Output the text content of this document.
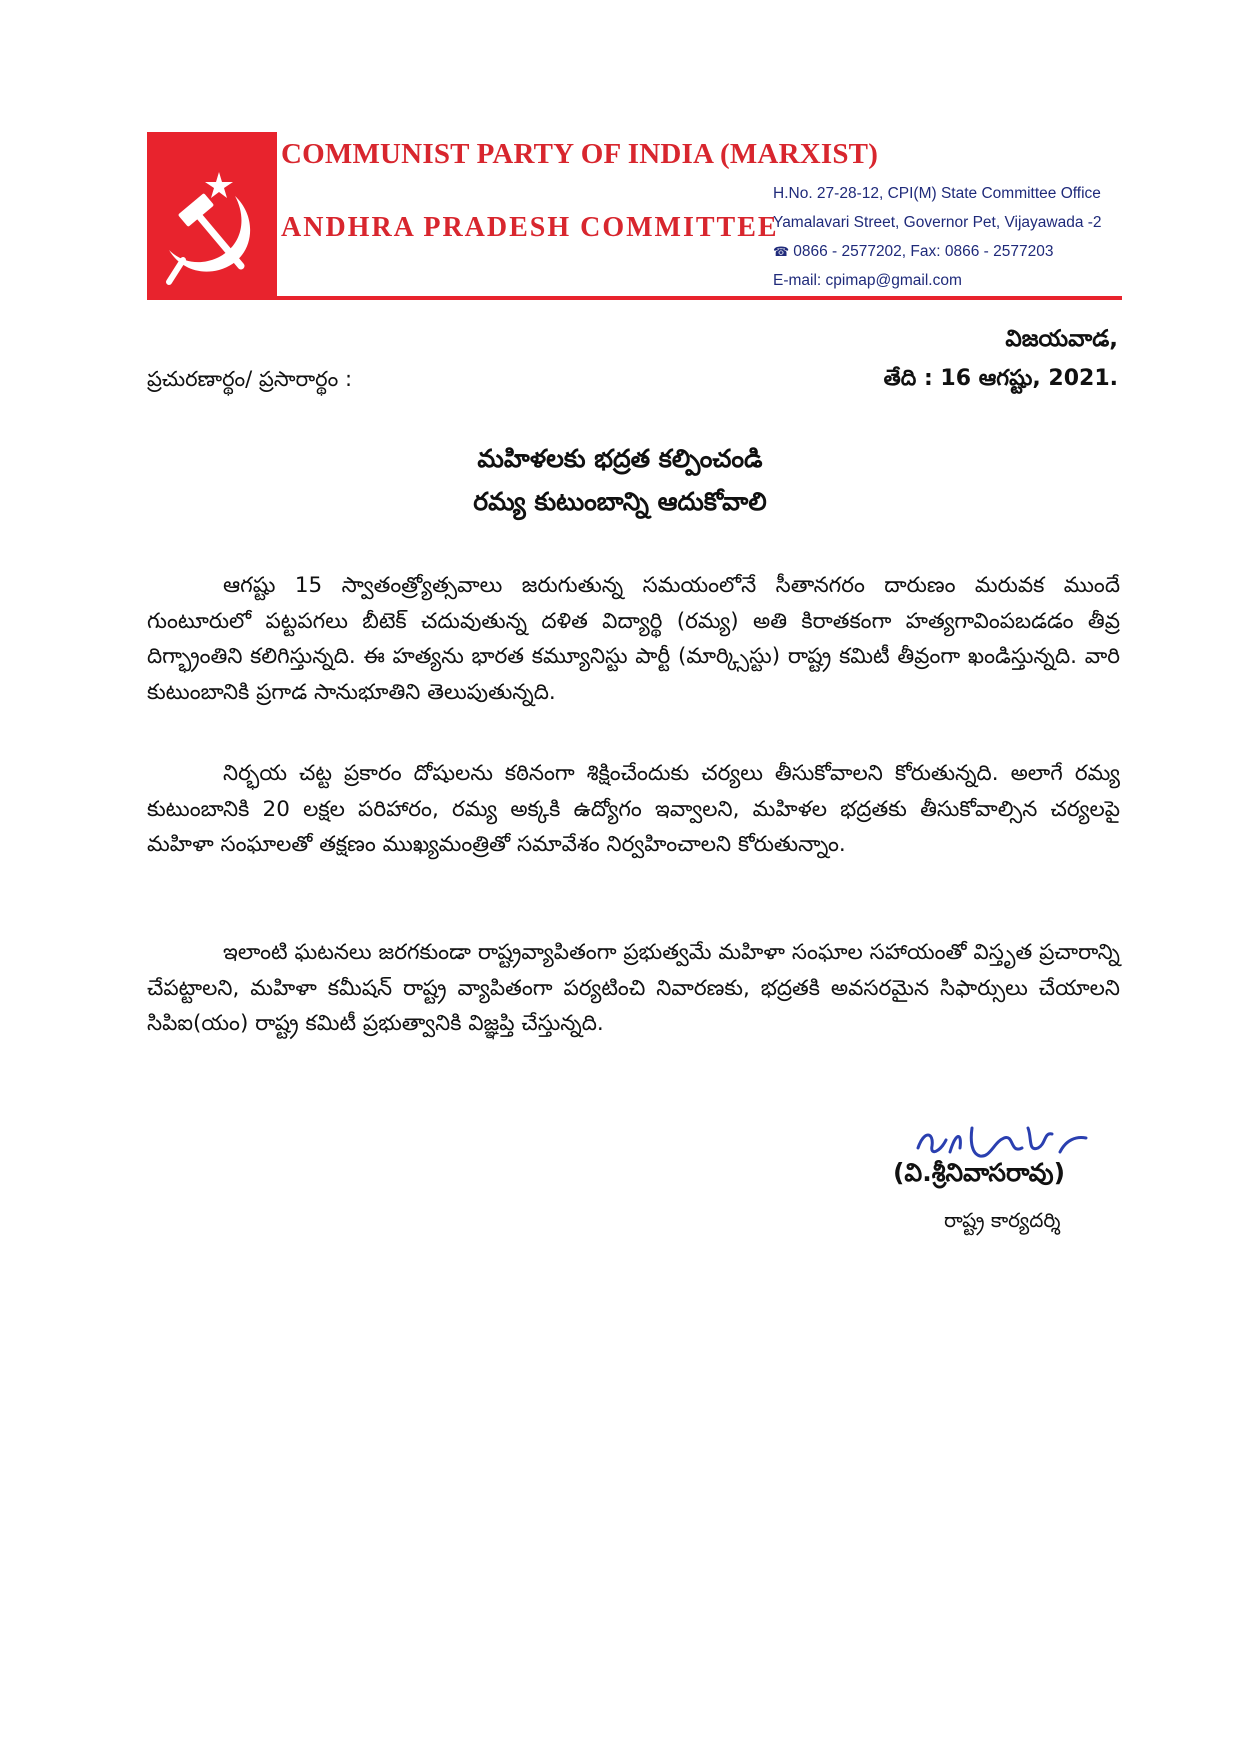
COMMUNIST PARTY OF INDIA (MARXIST)
ANDHRA PRADESH COMMITTEE
H.No. 27-28-12, CPI(M) State Committee Office
Yamalavari Street, Governor Pet, Vijayawada -2
☎ 0866 - 2577202, Fax: 0866 - 2577203
E-mail: cpimap@gmail.com
విజయవాడ,
ప్రచురణార్థం/ ప్రసారార్థం :	తేది : 16 ఆగష్టు, 2021.
మహిళలకు భద్రత కల్పించండి
రమ్య కుటుంబాన్ని ఆదుకోవాలి
ఆగష్టు 15 స్వాతంత్ర్యోత్సవాలు జరుగుతున్న సమయంలోనే సీతానగరం దారుణం మరువక ముందే గుంటూరులో పట్టపగలు బీటెక్ చదువుతున్న దళిత విద్యార్థి (రమ్య) అతి కిరాతకంగా హత్యగావింపబడడం తీవ్ర దిగ్భ్రాంతిని కలిగిస్తున్నది. ఈ హత్యను భారత కమ్యూనిస్టు పార్టీ (మార్క్సిస్టు) రాష్ట్ర కమిటీ తీవ్రంగా ఖండిస్తున్నది. వారి కుటుంబానికి ప్రగాడ సానుభూతిని తెలుపుతున్నది.
నిర్భయ చట్ట ప్రకారం దోషులను కఠినంగా శిక్షించేందుకు చర్యలు తీసుకోవాలని కోరుతున్నది. అలాగే రమ్య కుటుంబానికి 20 లక్షల పరిహారం, రమ్య అక్కకి ఉద్యోగం ఇవ్వాలని, మహిళల భద్రతకు తీసుకోవాల్సిన చర్యలపై మహిళా సంఘాలతో తక్షణం ముఖ్యమంత్రితో సమావేశం నిర్వహించాలని కోరుతున్నాం.
ఇలాంటి ఘటనలు జరగకుండా రాష్ట్రవ్యాపితంగా ప్రభుత్వమే మహిళా సంఘాల సహాయంతో విస్తృత ప్రచారాన్ని చేపట్టాలని, మహిళా కమీషన్ రాష్ట్ర వ్యాపితంగా పర్యటించి నివారణకు, భద్రతకి అవసరమైన సిఫార్సులు చేయాలని సిపిఐ(యం) రాష్ట్ర కమిటీ ప్రభుత్వానికి విజ్ఞప్తి చేస్తున్నది.
(వి.శ్రీనివాసరావు)
రాష్ట్ర కార్యదర్శి
